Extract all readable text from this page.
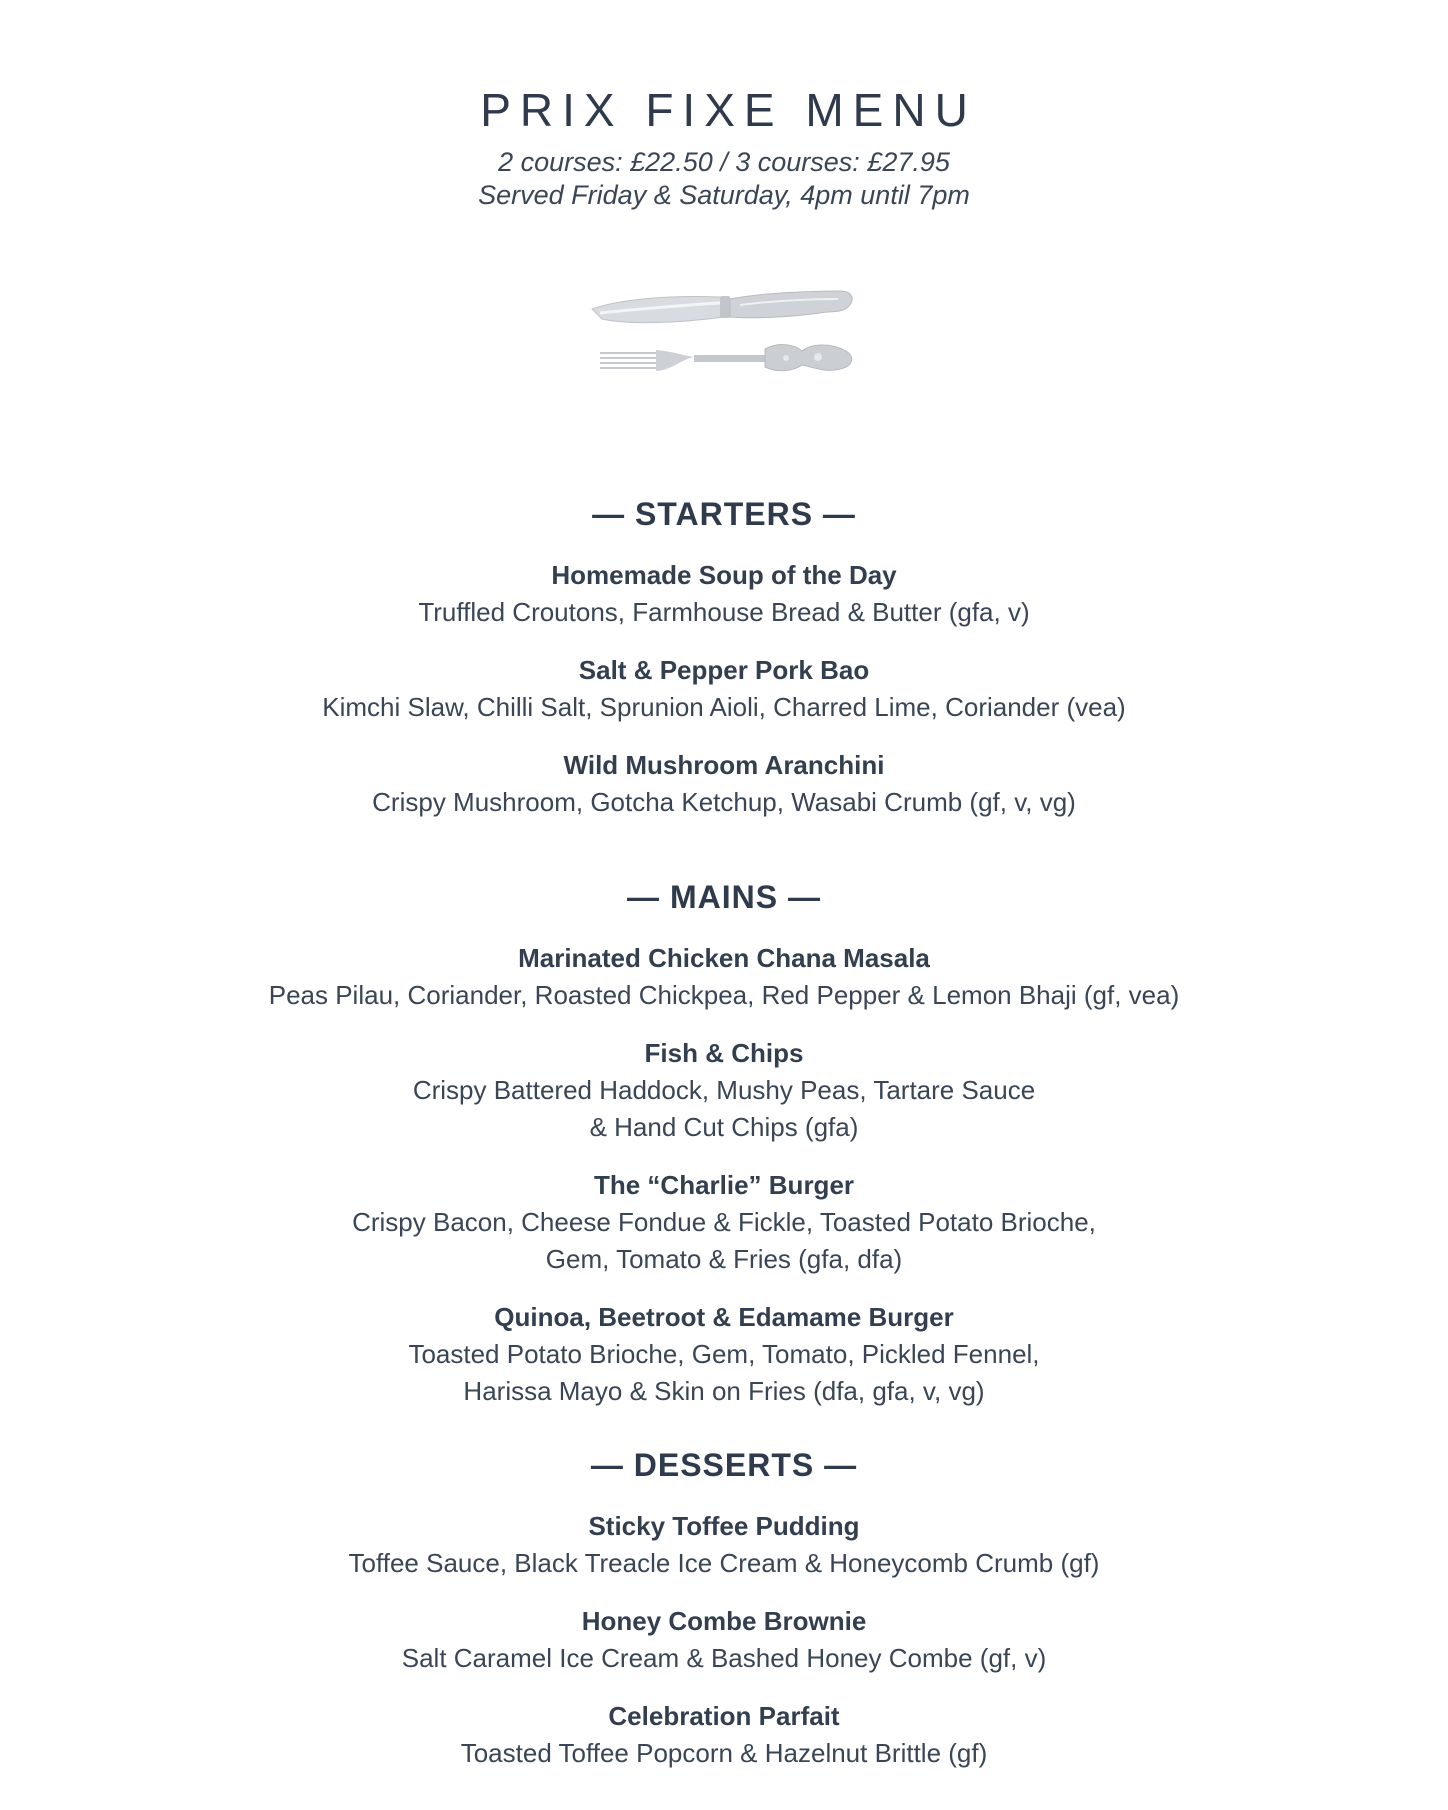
PRIX FIXE MENU
2 courses: £22.50 / 3 courses: £27.95
Served Friday & Saturday, 4pm until 7pm
— STARTERS —
Homemade Soup of the Day
Truffled Croutons, Farmhouse Bread & Butter (gfa, v)
Salt & Pepper Pork Bao
Kimchi Slaw, Chilli Salt, Sprunion Aioli, Charred Lime, Coriander (vea)
Wild Mushroom Aranchini
Crispy Mushroom, Gotcha Ketchup, Wasabi Crumb (gf, v, vg)
— MAINS —
Marinated Chicken Chana Masala
Peas Pilau, Coriander, Roasted Chickpea, Red Pepper & Lemon Bhaji (gf, vea)
Fish & Chips
Crispy Battered Haddock, Mushy Peas, Tartare Sauce
& Hand Cut Chips (gfa)
The “Charlie” Burger
Crispy Bacon, Cheese Fondue & Fickle, Toasted Potato Brioche,
Gem, Tomato & Fries (gfa, dfa)
Quinoa, Beetroot & Edamame Burger
Toasted Potato Brioche, Gem, Tomato, Pickled Fennel,
Harissa Mayo & Skin on Fries (dfa, gfa, v, vg)
— DESSERTS —
Sticky Toffee Pudding
Toffee Sauce, Black Treacle Ice Cream & Honeycomb Crumb (gf)
Honey Combe Brownie
Salt Caramel Ice Cream & Bashed Honey Combe (gf, v)
Celebration Parfait
Toasted Toffee Popcorn & Hazelnut Brittle (gf)
